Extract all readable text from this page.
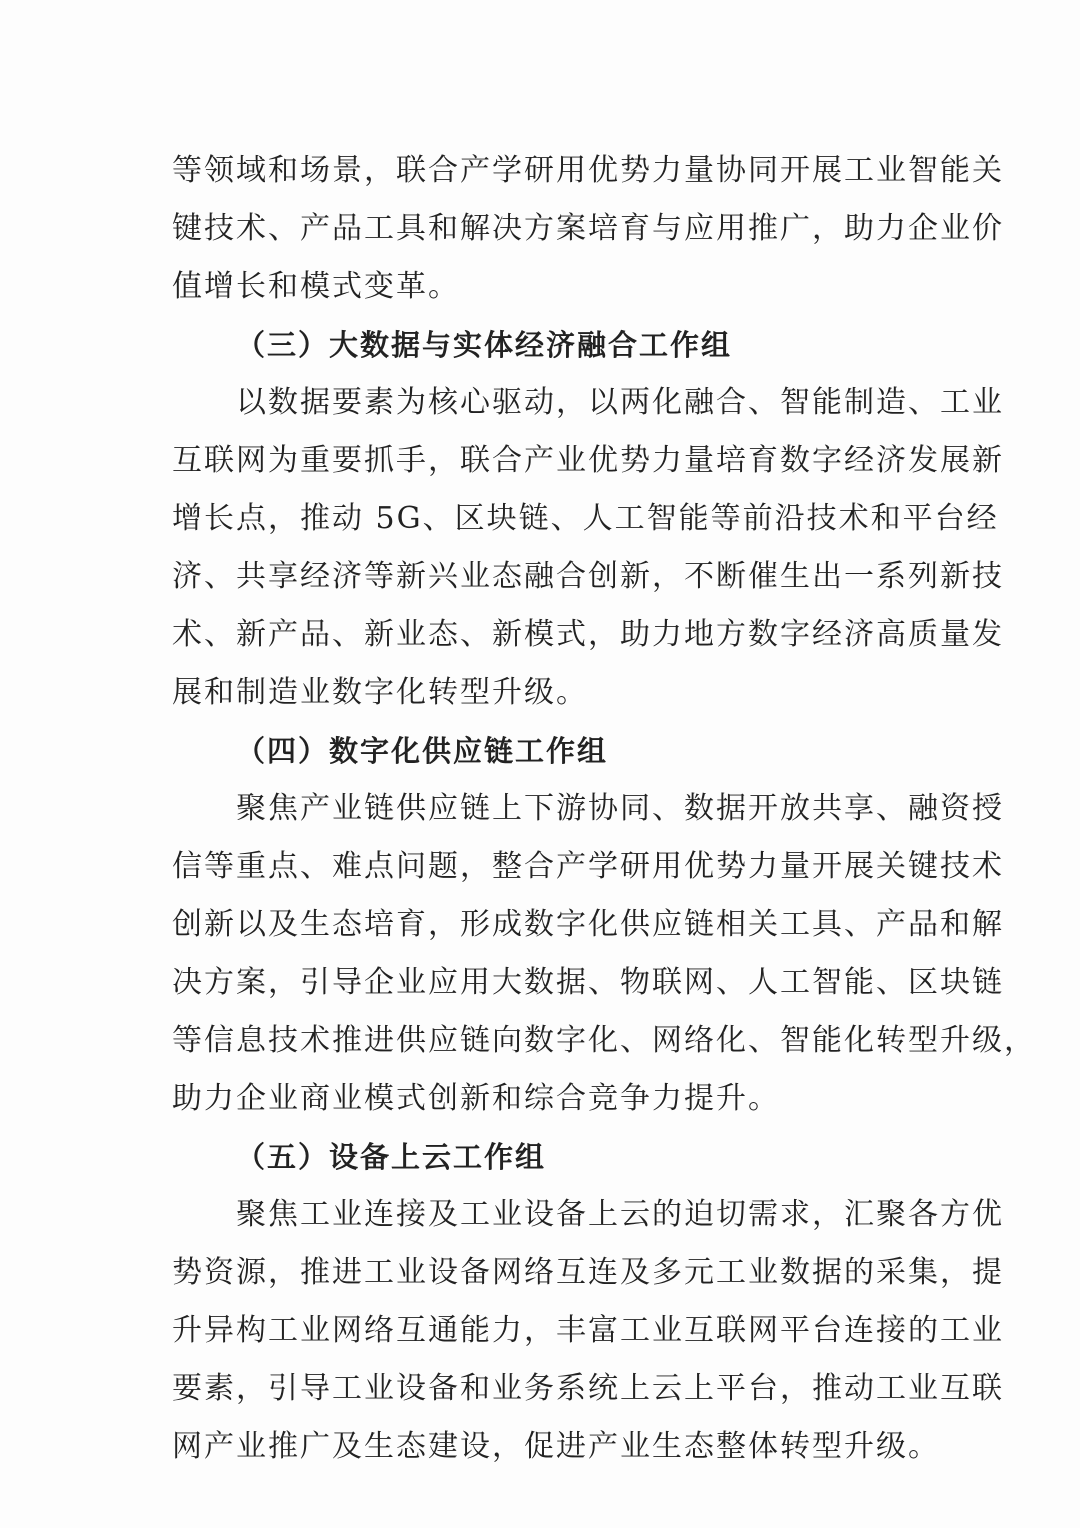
等领域和场景，联合产学研用优势力量协同开展工业智能关
键技术、产品工具和解决方案培育与应用推广，助力企业价
值增长和模式变革。
（三）大数据与实体经济融合工作组
以数据要素为核心驱动，以两化融合、智能制造、工业
互联网为重要抓手，联合产业优势力量培育数字经济发展新
增长点，推动 5G、区块链、人工智能等前沿技术和平台经
济、共享经济等新兴业态融合创新，不断催生出一系列新技
术、新产品、新业态、新模式，助力地方数字经济高质量发
展和制造业数字化转型升级。
（四）数字化供应链工作组
聚焦产业链供应链上下游协同、数据开放共享、融资授
信等重点、难点问题，整合产学研用优势力量开展关键技术
创新以及生态培育，形成数字化供应链相关工具、产品和解
决方案，引导企业应用大数据、物联网、人工智能、区块链
等信息技术推进供应链向数字化、网络化、智能化转型升级，
助力企业商业模式创新和综合竞争力提升。
（五）设备上云工作组
聚焦工业连接及工业设备上云的迫切需求，汇聚各方优
势资源，推进工业设备网络互连及多元工业数据的采集，提
升异构工业网络互通能力，丰富工业互联网平台连接的工业
要素，引导工业设备和业务系统上云上平台，推动工业互联
网产业推广及生态建设，促进产业生态整体转型升级。
